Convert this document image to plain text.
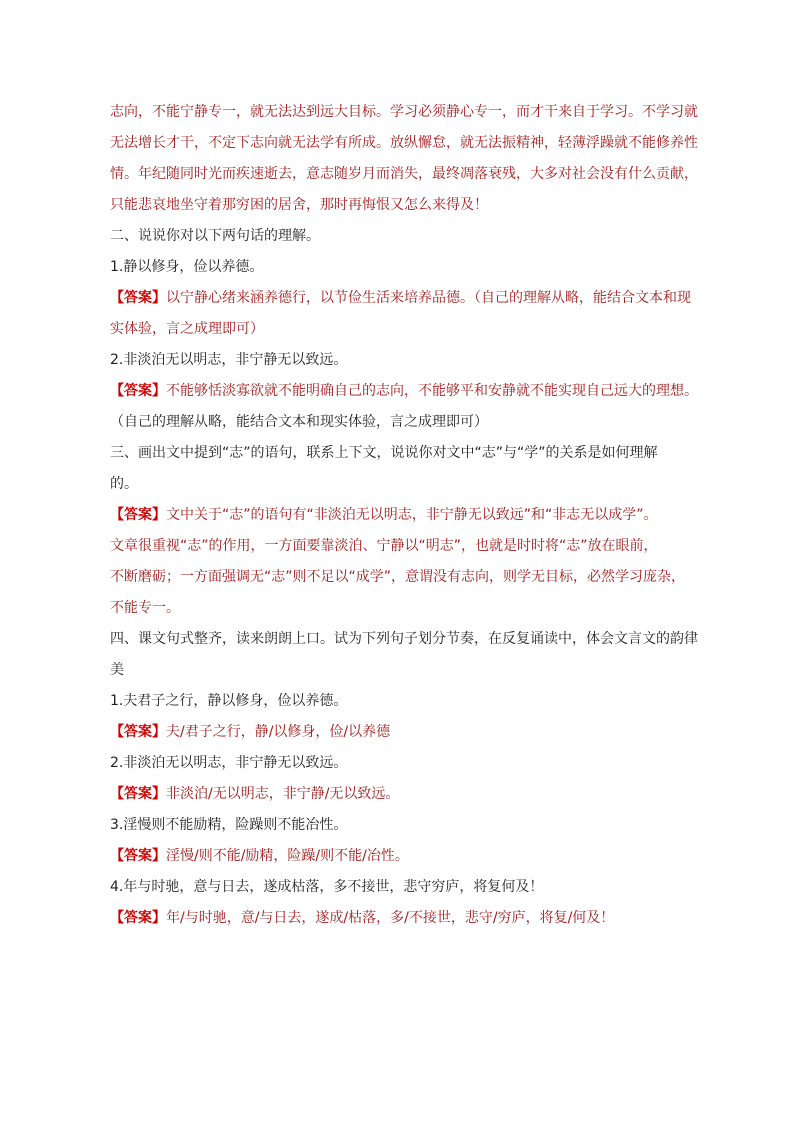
志向，不能宁静专一，就无法达到远大目标。学习必须静心专一，而才干来自于学习。不学习就
无法增长才干，不定下志向就无法学有所成。放纵懈怠，就无法振精神，轻薄浮躁就不能修养性
情。年纪随同时光而疾速逝去，意志随岁月而消失，最终凋落衰残，大多对社会没有什么贡献，
只能悲哀地坐守着那穷困的居舍，那时再悔恨又怎么来得及！
二、说说你对以下两句话的理解。
1.静以修身，俭以养德。
【答案】以宁静心绪来涵养德行，以节俭生活来培养品德。（自己的理解从略，能结合文本和现
实体验，言之成理即可）
2.非淡泊无以明志，非宁静无以致远。
【答案】不能够恬淡寡欲就不能明确自己的志向，不能够平和安静就不能实现自己远大的理想。
（自己的理解从略，能结合文本和现实体验，言之成理即可）
三、画出文中提到“志”的语句，联系上下文，说说你对文中“志”与“学”的关系是如何理解
的。
【答案】文中关于“志”的语句有“非淡泊无以明志，非宁静无以致远”和“非志无以成学”。
文章很重视“志”的作用，一方面要靠淡泊、宁静以“明志”，也就是时时将“志”放在眼前，
不断磨砺；一方面强调无“志”则不足以“成学”，意谓没有志向，则学无目标，必然学习庞杂，
不能专一。
四、课文句式整齐，读来朗朗上口。试为下列句子划分节奏，在反复诵读中，体会文言文的韵律
美
1.夫君子之行，静以修身，俭以养德。
【答案】夫/君子之行，静/以修身，俭/以养德
2.非淡泊无以明志，非宁静无以致远。
【答案】非淡泊/无以明志，非宁静/无以致远。
3.淫慢则不能励精，险躁则不能冶性。
【答案】淫慢/则不能/励精，险躁/则不能/冶性。
4.年与时驰，意与日去，遂成枯落，多不接世，悲守穷庐，将复何及！
【答案】年/与时驰，意/与日去，遂成/枯落，多/不接世，悲守/穷庐，将复/何及！
